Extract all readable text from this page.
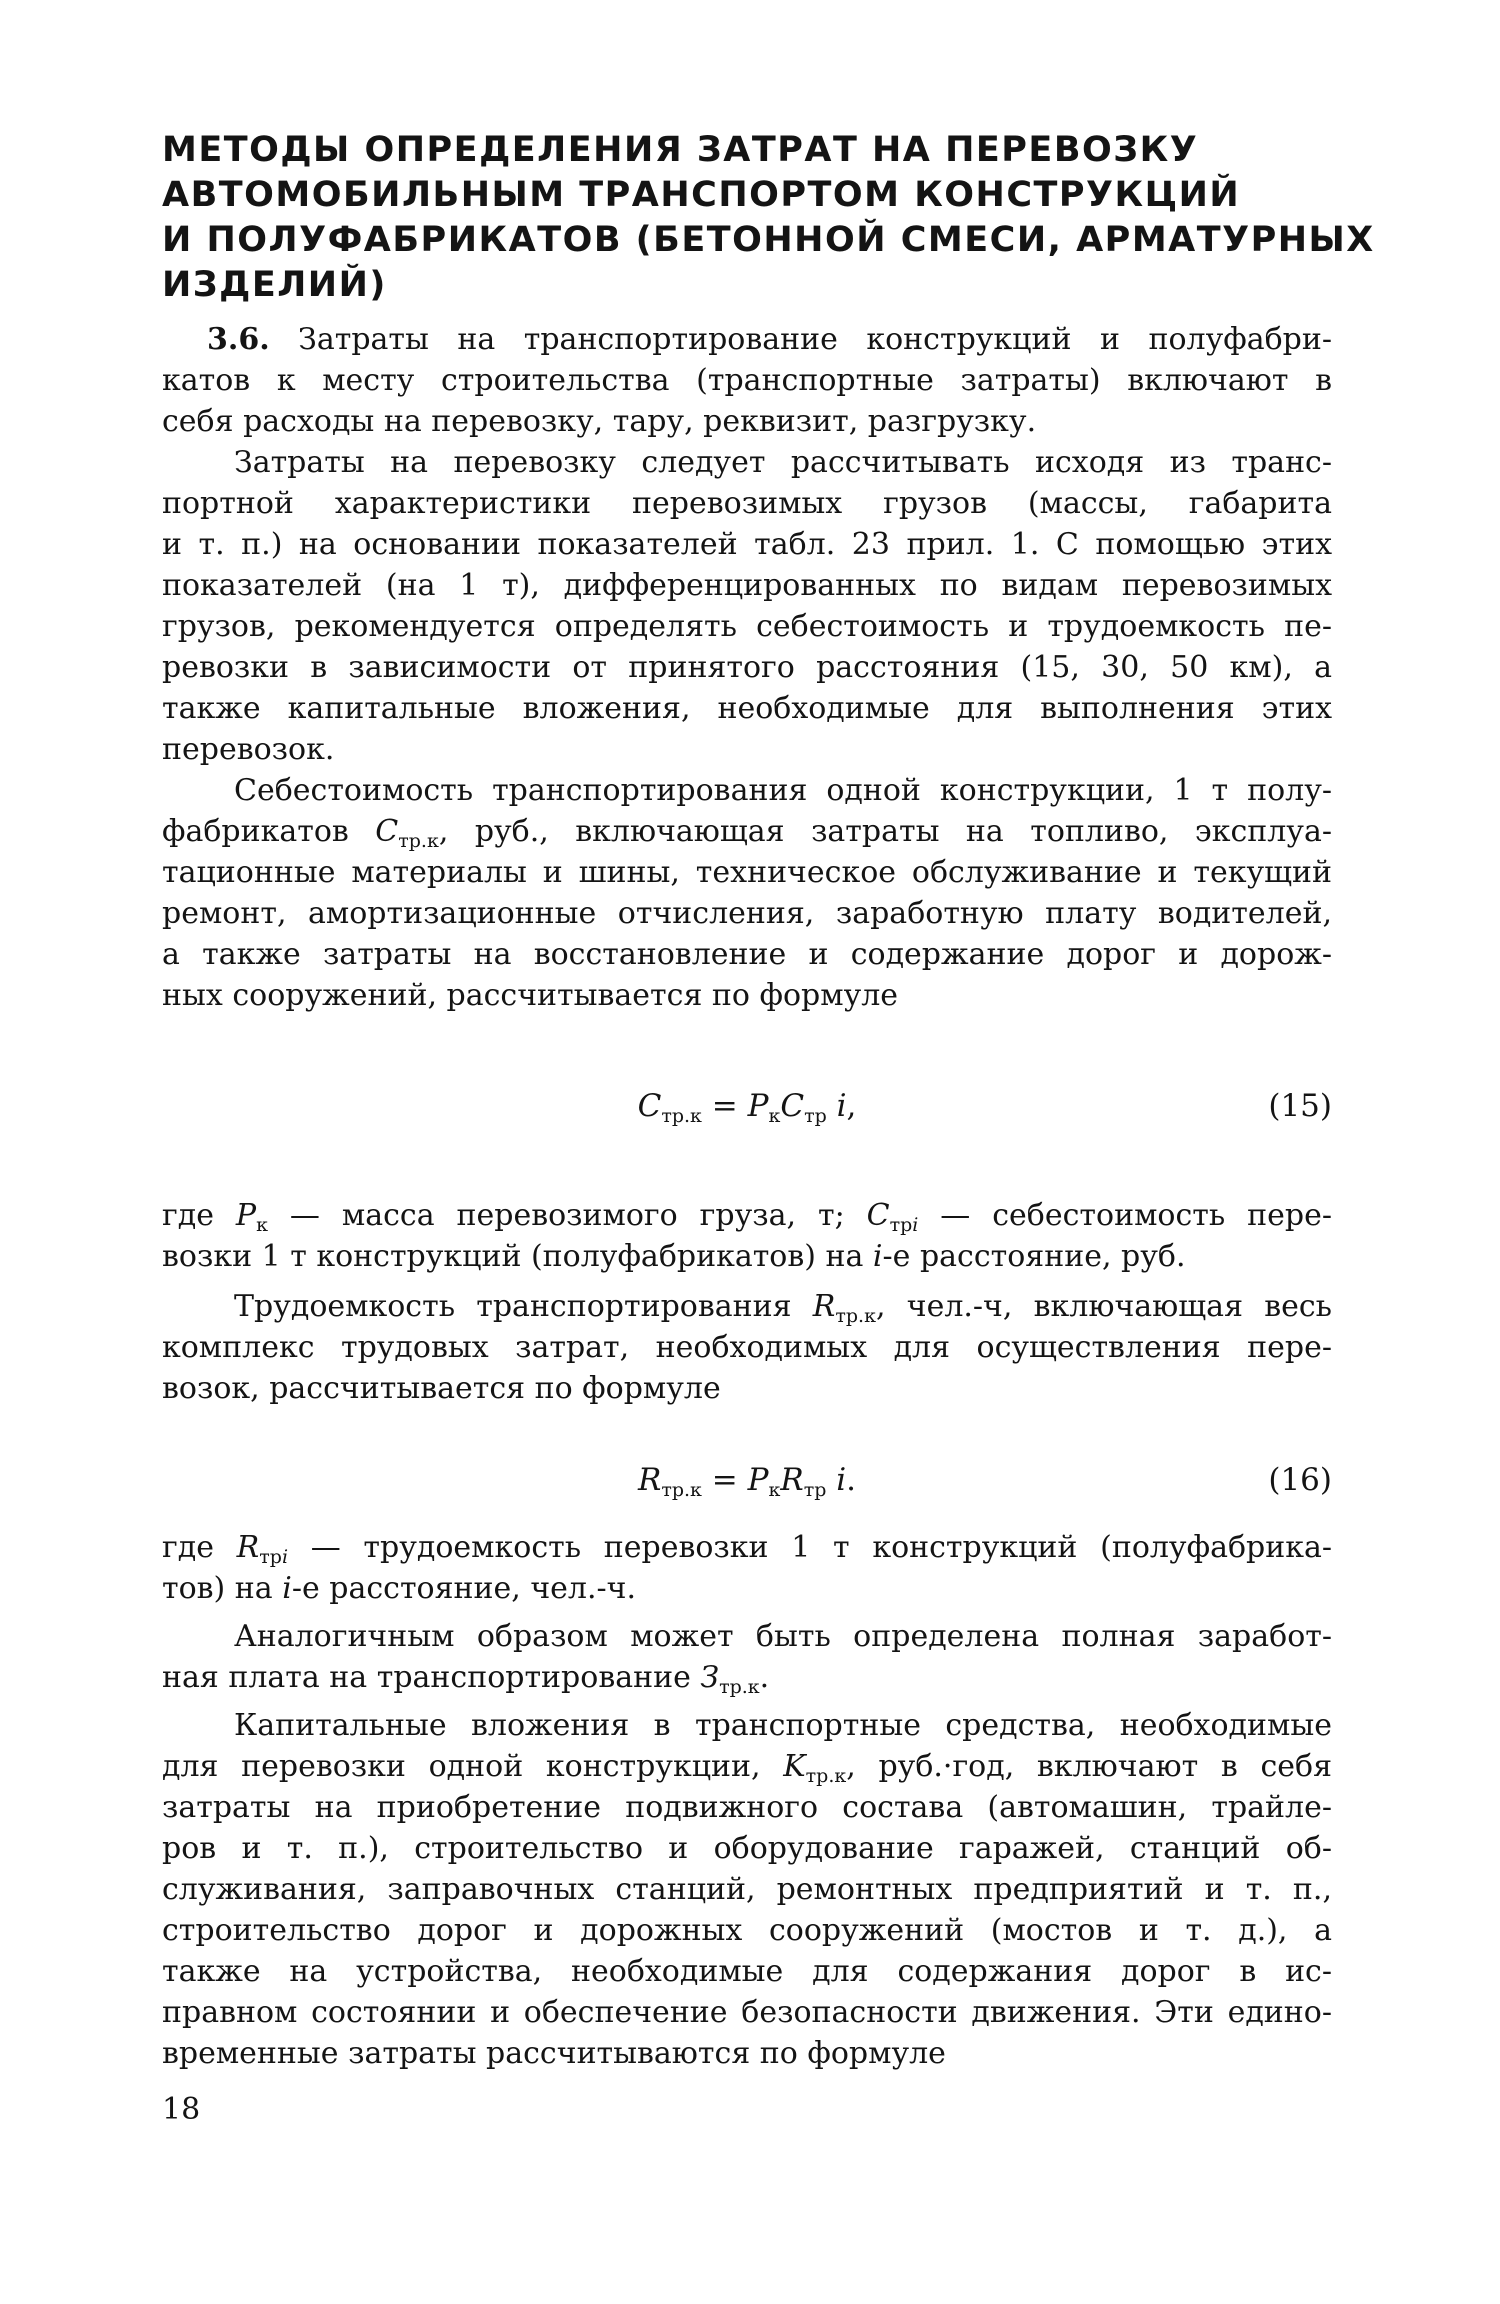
МЕТОДЫ ОПРЕДЕЛЕНИЯ ЗАТРАТ НА ПЕРЕВОЗКУ
АВТОМОБИЛЬНЫМ ТРАНСПОРТОМ КОНСТРУКЦИЙ
И ПОЛУФАБРИКАТОВ (БЕТОННОЙ СМЕСИ, АРМАТУРНЫХ
ИЗДЕЛИЙ)
3.6. Затраты на транспортирование конструкций и полуфабри-
катов к месту строительства (транспортные затраты) включают в
себя расходы на перевозку, тару, реквизит, разгрузку.
Затраты на перевозку следует рассчитывать исходя из транс-
портной характеристики перевозимых грузов (массы, габарита
и т. п.) на основании показателей табл. 23 прил. 1. С помощью этих
показателей (на 1 т), дифференцированных по видам перевозимых
грузов, рекомендуется определять себестоимость и трудоемкость пе-
ревозки в зависимости от принятого расстояния (15, 30, 50 км), а
также капитальные вложения, необходимые для выполнения этих
перевозок.
Себестоимость транспортирования одной конструкции, 1 т полу-
фабрикатов $C_{тр.к}$, руб., включающая затраты на топливо, эксплуа-
тационные материалы и шины, техническое обслуживание и текущий
ремонт, амортизационные отчисления, заработную плату водителей,
а также затраты на восстановление и содержание дорог и дорож-
ных сооружений, рассчитывается по формуле
$C_{тр.к} = P_кC_{тр}$ i,	(15)
где $P_к$ — масса перевозимого груза, т; $C_{трi}$ — себестоимость пере-
возки 1 т конструкций (полуфабрикатов) на i-е расстояние, руб.
Трудоемкость транспортирования $R_{тр.к}$, чел.-ч, включающая весь
комплекс трудовых затрат, необходимых для осуществления пере-
возок, рассчитывается по формуле
$R_{тр.к} = P_кR_{тр}$ i.	(16)
где $R_{трi}$ — трудоемкость перевозки 1 т конструкций (полуфабрика-
тов) на i-е расстояние, чел.-ч.
Аналогичным образом может быть определена полная заработ-
ная плата на транспортирование $З_{тр.к}$.
Капитальные вложения в транспортные средства, необходимые
для перевозки одной конструкции, $K_{тр.к}$, руб.·год, включают в себя
затраты на приобретение подвижного состава (автомашин, трайле-
ров и т. п.), строительство и оборудование гаражей, станций об-
служивания, заправочных станций, ремонтных предприятий и т. п.,
строительство дорог и дорожных сооружений (мостов и т. д.), а
также на устройства, необходимые для содержания дорог в ис-
правном состоянии и обеспечение безопасности движения. Эти едино-
временные затраты рассчитываются по формуле
18
